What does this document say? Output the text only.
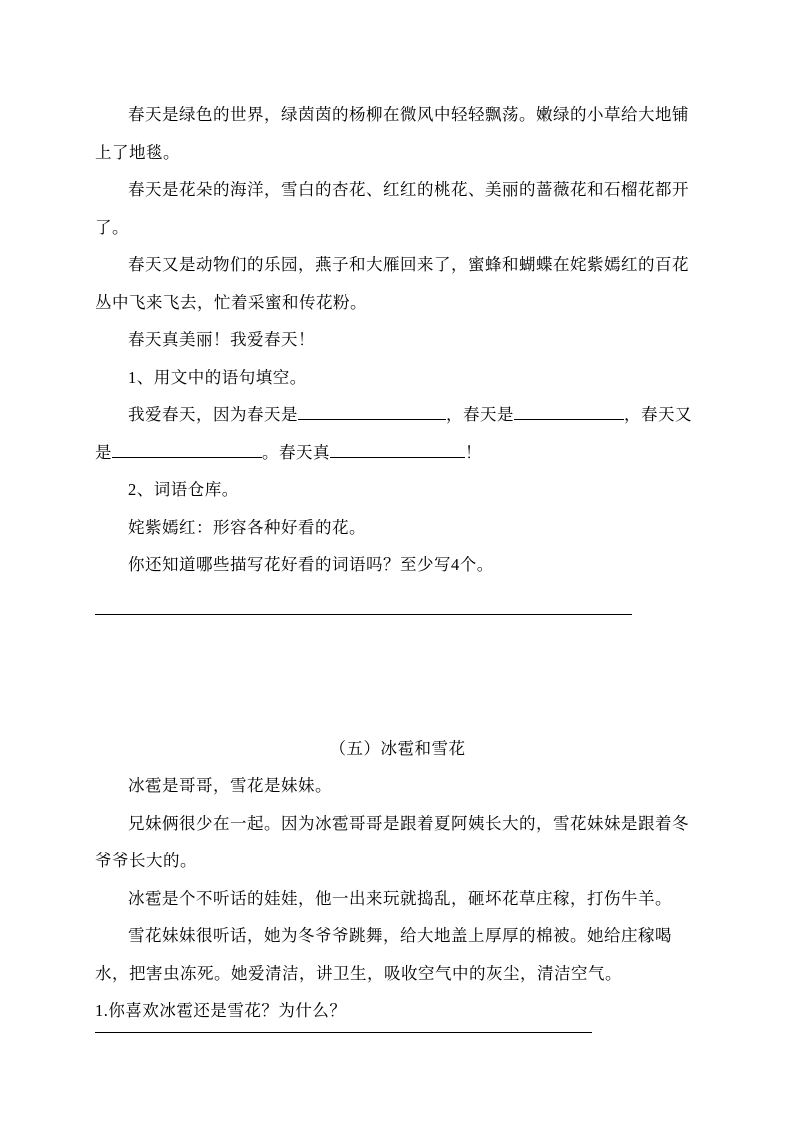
春天是绿色的世界，绿茵茵的杨柳在微风中轻轻飘荡。嫩绿的小草给大地铺上了地毯。

春天是花朵的海洋，雪白的杏花、红红的桃花、美丽的蔷薇花和石榴花都开了。

春天又是动物们的乐园，燕子和大雁回来了，蜜蜂和蝴蝶在姹紫嫣红的百花丛中飞来飞去，忙着采蜜和传花粉。

春天真美丽！我爱春天！

1、用文中的语句填空。

我爱春天，因为春天是	，春天是	，春天又

是	。春天真	！

2、词语仓库。

姹紫嫣红：形容各种好看的花。

你还知道哪些描写花好看的词语吗？至少写4个。

（五）冰雹和雪花

冰雹是哥哥，雪花是妹妹。

兄妹俩很少在一起。因为冰雹哥哥是跟着夏阿姨长大的，雪花妹妹是跟着冬爷爷长大的。

冰雹是个不听话的娃娃，他一出来玩就捣乱，砸坏花草庄稼，打伤牛羊。

雪花妹妹很听话，她为冬爷爷跳舞，给大地盖上厚厚的棉被。她给庄稼喝水，把害虫冻死。她爱清洁，讲卫生，吸收空气中的灰尘，清洁空气。

1.你喜欢冰雹还是雪花？为什么？
